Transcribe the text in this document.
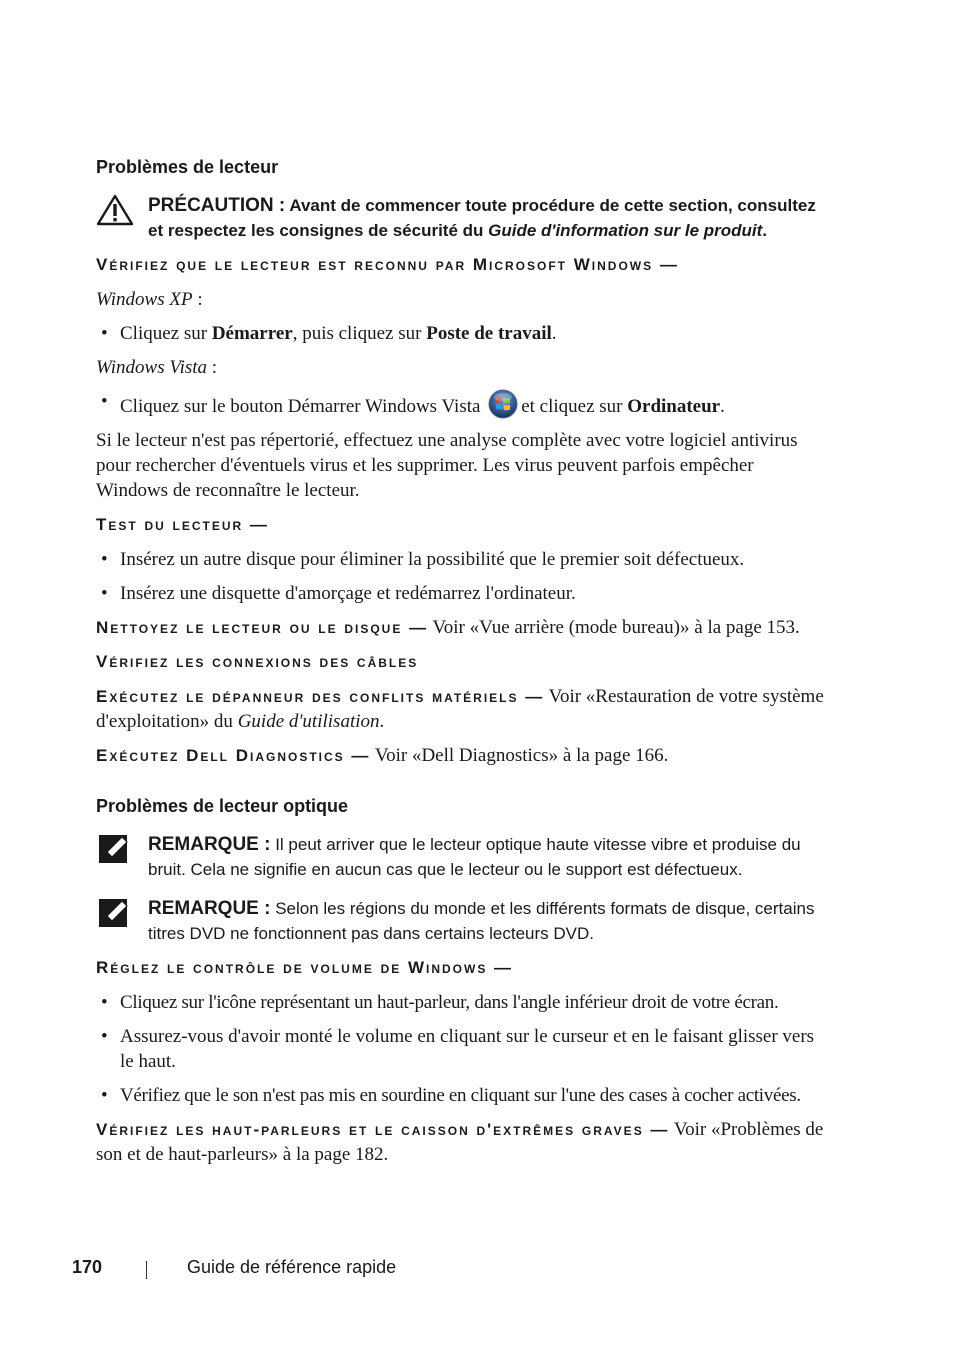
Problèmes de lecteur
PRÉCAUTION : Avant de commencer toute procédure de cette section, consultez et respectez les consignes de sécurité du Guide d'information sur le produit.
Vérifiez que le lecteur est reconnu par Microsoft Windows —

Windows XP :

• Cliquez sur Démarrer, puis cliquez sur Poste de travail.

Windows Vista :

• Cliquez sur le bouton Démarrer Windows Vista et cliquez sur Ordinateur.

Si le lecteur n'est pas répertorié, effectuez une analyse complète avec votre logiciel antivirus pour rechercher d'éventuels virus et les supprimer. Les virus peuvent parfois empêcher Windows de reconnaître le lecteur.

Test du lecteur —
• Insérez un autre disque pour éliminer la possibilité que le premier soit défectueux.
• Insérez une disquette d'amorçage et redémarrez l'ordinateur.

Nettoyez le lecteur ou le disque — Voir «Vue arrière (mode bureau)» à la page 153.

Vérifiez les connexions des câbles

Exécutez le dépanneur des conflits matériels — Voir «Restauration de votre système d'exploitation» du Guide d'utilisation.

Exécutez Dell Diagnostics — Voir «Dell Diagnostics» à la page 166.

Problèmes de lecteur optique
REMARQUE : Il peut arriver que le lecteur optique haute vitesse vibre et produise du bruit. Cela ne signifie en aucun cas que le lecteur ou le support est défectueux.
REMARQUE : Selon les régions du monde et les différents formats de disque, certains titres DVD ne fonctionnent pas dans certains lecteurs DVD.
Réglez le contrôle de volume de Windows —
• Cliquez sur l'icône représentant un haut-parleur, dans l'angle inférieur droit de votre écran.
• Assurez-vous d'avoir monté le volume en cliquant sur le curseur et en le faisant glisser vers le haut.
• Vérifiez que le son n'est pas mis en sourdine en cliquant sur l'une des cases à cocher activées.

Vérifiez les haut-parleurs et le caisson d'extrêmes graves — Voir «Problèmes de son et de haut-parleurs» à la page 182.

170	Guide de référence rapide
